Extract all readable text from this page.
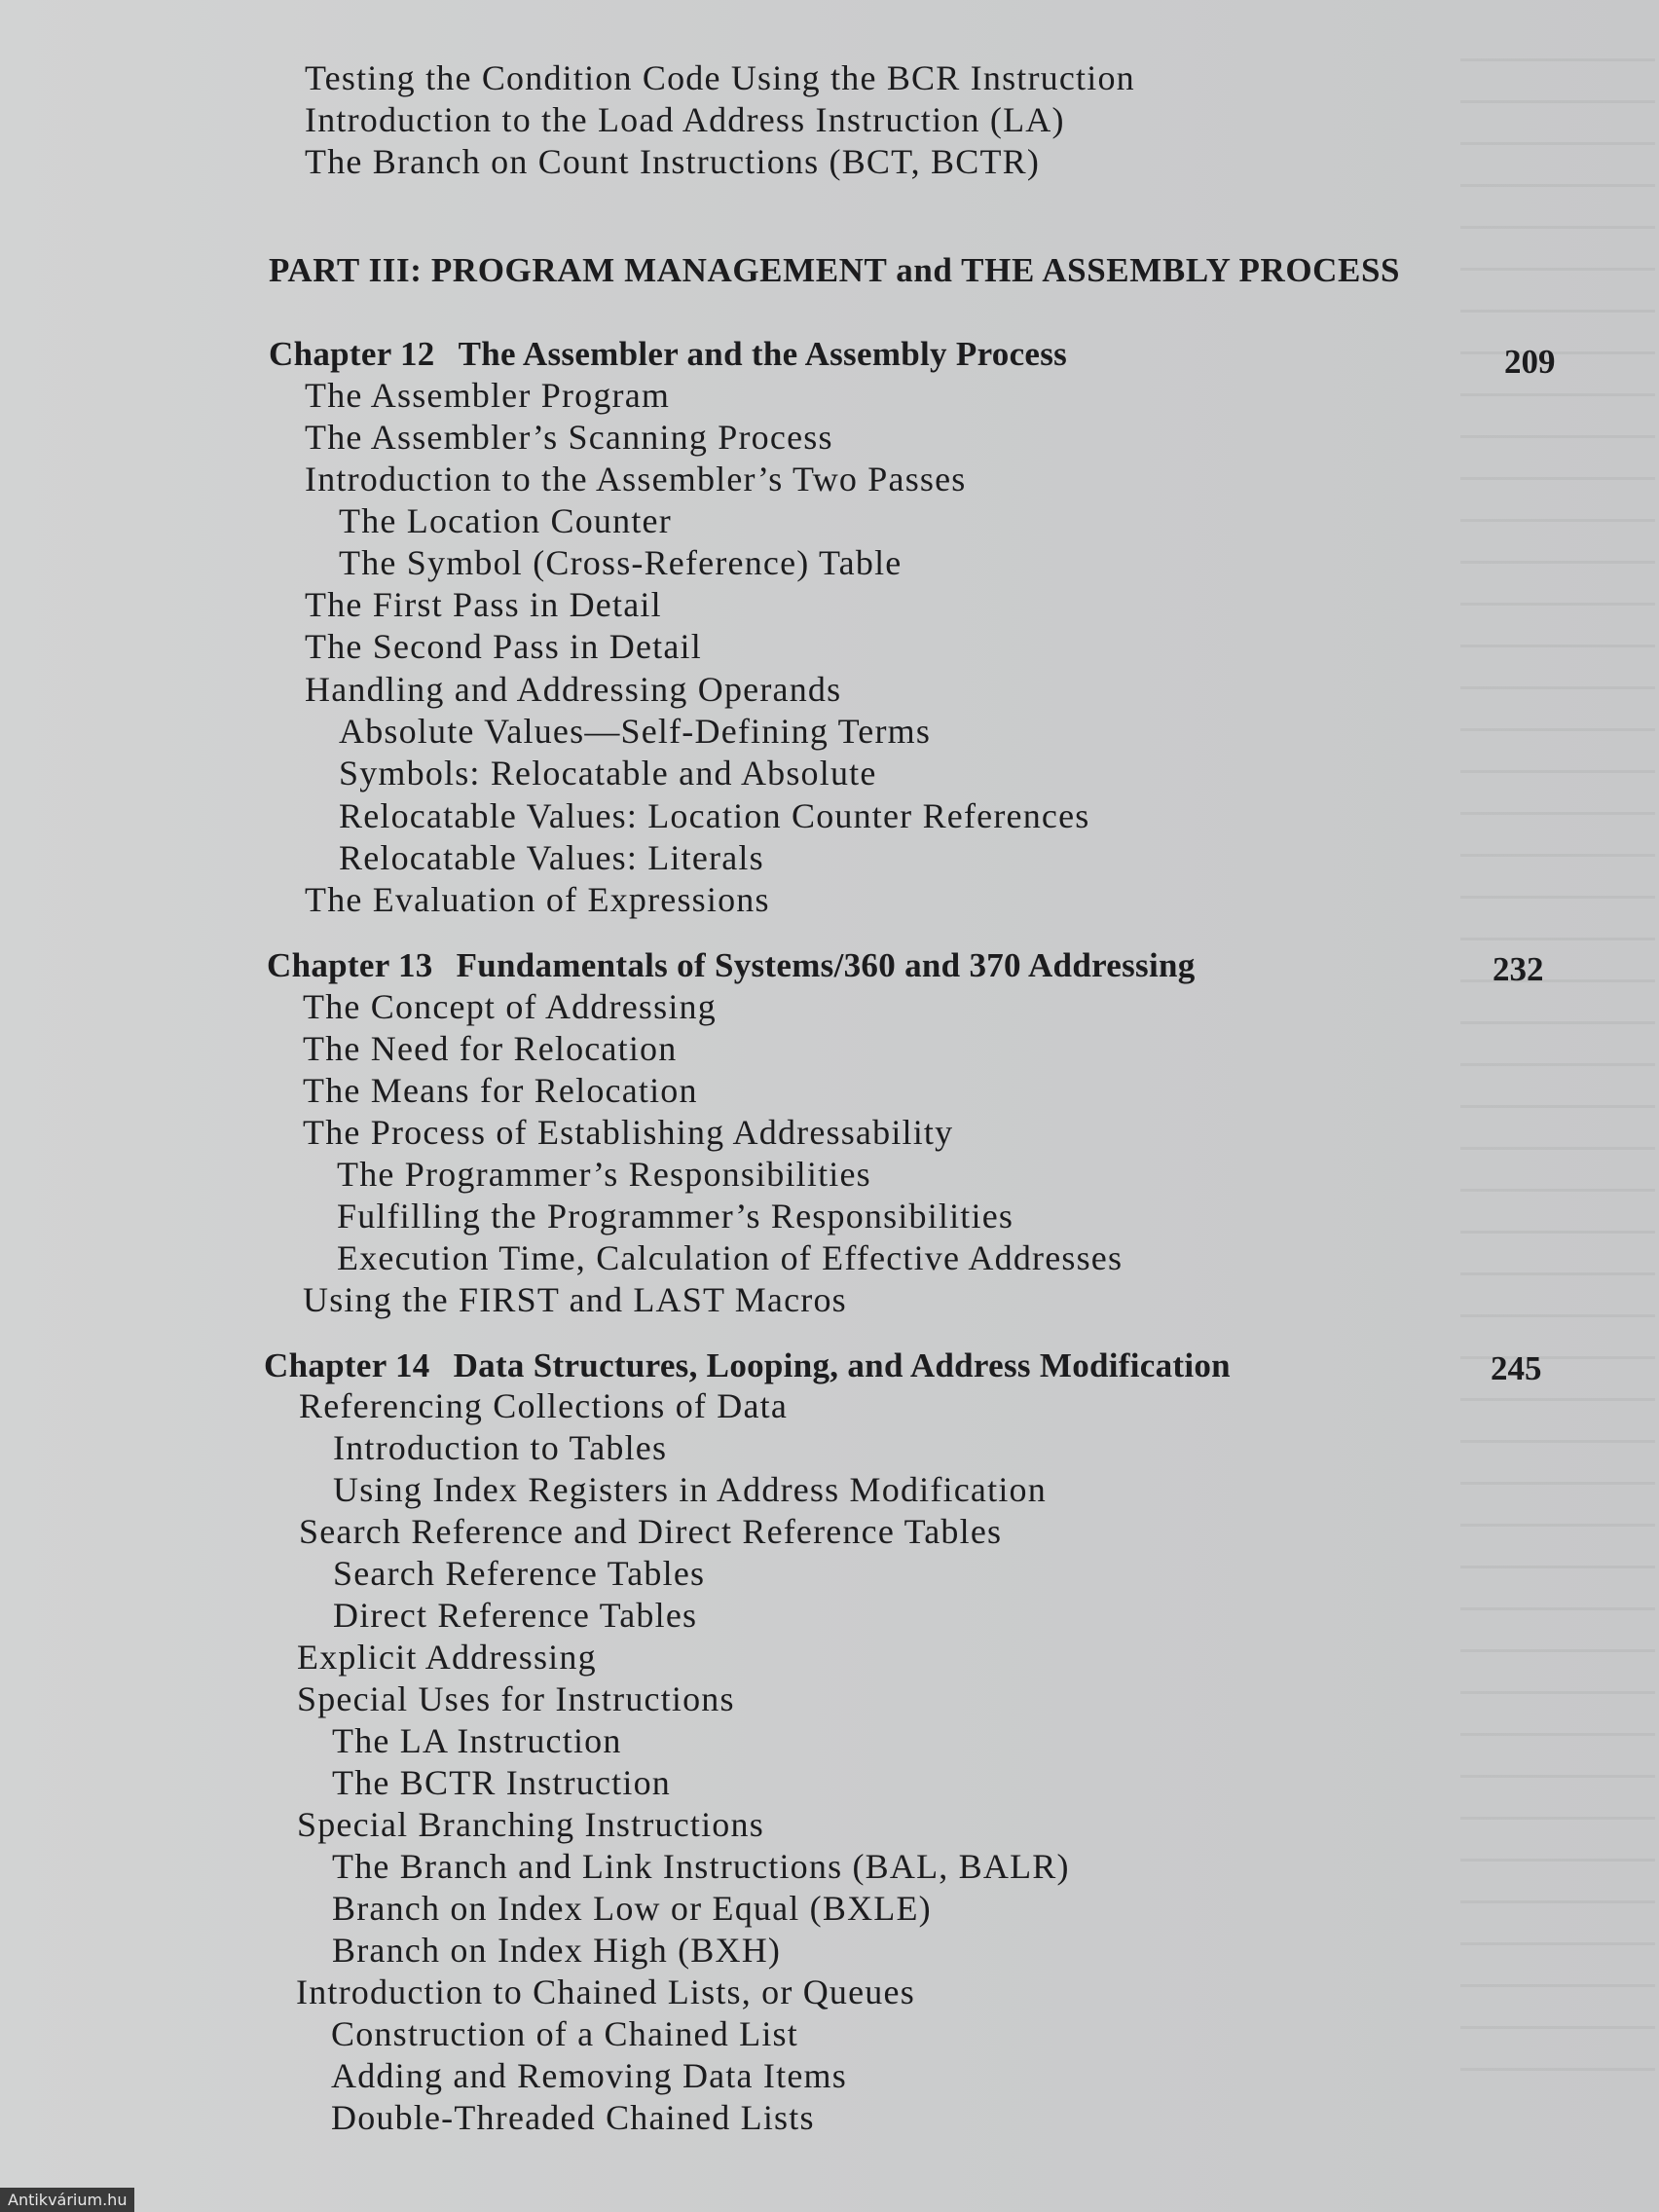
Testing the Condition Code Using the BCR Instruction
Introduction to the Load Address Instruction (LA)
The Branch on Count Instructions (BCT, BCTR)
PART III: PROGRAM MANAGEMENT and THE ASSEMBLY PROCESS
Chapter 12 The Assembler and the Assembly Process	209
The Assembler Program
The Assembler’s Scanning Process
Introduction to the Assembler’s Two Passes
The Location Counter
The Symbol (Cross-Reference) Table
The First Pass in Detail
The Second Pass in Detail
Handling and Addressing Operands
Absolute Values—Self-Defining Terms
Symbols: Relocatable and Absolute
Relocatable Values: Location Counter References
Relocatable Values: Literals
The Evaluation of Expressions
Chapter 13 Fundamentals of Systems/360 and 370 Addressing	232
The Concept of Addressing
The Need for Relocation
The Means for Relocation
The Process of Establishing Addressability
The Programmer’s Responsibilities
Fulfilling the Programmer’s Responsibilities
Execution Time, Calculation of Effective Addresses
Using the FIRST and LAST Macros
Chapter 14 Data Structures, Looping, and Address Modification	245
Referencing Collections of Data
Introduction to Tables
Using Index Registers in Address Modification
Search Reference and Direct Reference Tables
Search Reference Tables
Direct Reference Tables
Explicit Addressing
Special Uses for Instructions
The LA Instruction
The BCTR Instruction
Special Branching Instructions
The Branch and Link Instructions (BAL, BALR)
Branch on Index Low or Equal (BXLE)
Branch on Index High (BXH)
Introduction to Chained Lists, or Queues
Construction of a Chained List
Adding and Removing Data Items
Double-Threaded Chained Lists
Antikvárium.hu
